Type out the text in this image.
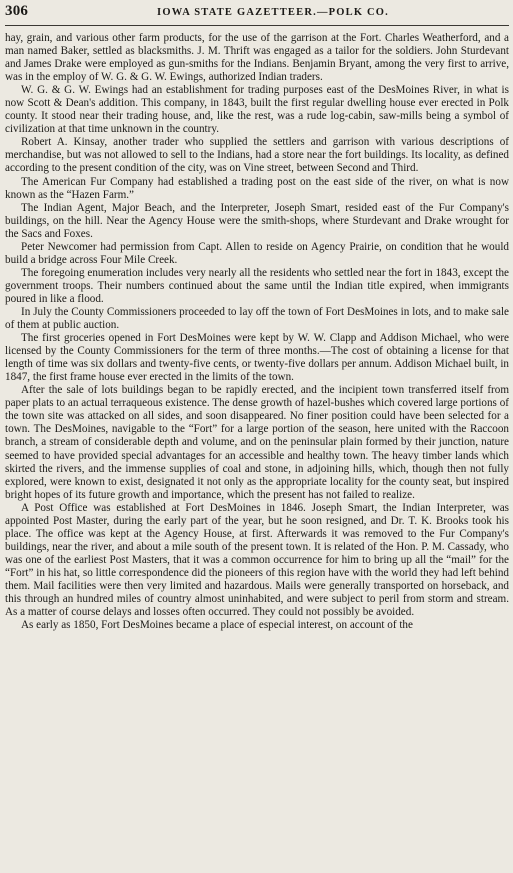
306	IOWA STATE GAZETTEER.—POLK CO.

hay, grain, and various other farm products, for the use of the garrison at the Fort. Charles Weatherford, and a man named Baker, settled as blacksmiths. J. M. Thrift was engaged as a tailor for the soldiers. John Sturdevant and James Drake were employed as gun-smiths for the Indians. Benjamin Bryant, among the very first to arrive, was in the employ of W. G. & G. W. Ewings, authorized Indian traders.

W. G. & G. W. Ewings had an establishment for trading purposes east of the DesMoines River, in what is now Scott & Dean's addition. This company, in 1843, built the first regular dwelling house ever erected in Polk county. It stood near their trading house, and, like the rest, was a rude log-cabin, saw-mills being a symbol of civilization at that time unknown in the country.

Robert A. Kinsay, another trader who supplied the settlers and garrison with various descriptions of merchandise, but was not allowed to sell to the Indians, had a store near the fort buildings. Its locality, as defined according to the present condition of the city, was on Vine street, between Second and Third.

The American Fur Company had established a trading post on the east side of the river, on what is now known as the “Hazen Farm.”

The Indian Agent, Major Beach, and the Interpreter, Joseph Smart, resided east of the Fur Company's buildings, on the hill. Near the Agency House were the smith-shops, where Sturdevant and Drake wrought for the Sacs and Foxes.

Peter Newcomer had permission from Capt. Allen to reside on Agency Prairie, on condition that he would build a bridge across Four Mile Creek.

The foregoing enumeration includes very nearly all the residents who settled near the fort in 1843, except the government troops. Their numbers continued about the same until the Indian title expired, when immigrants poured in like a flood.

In July the County Commissioners proceeded to lay off the town of Fort DesMoines in lots, and to make sale of them at public auction.

The first groceries opened in Fort DesMoines were kept by W. W. Clapp and Addison Michael, who were licensed by the County Commissioners for the term of three months.—The cost of obtaining a license for that length of time was six dollars and twenty-five cents, or twenty-five dollars per annum. Addison Michael built, in 1847, the first frame house ever erected in the limits of the town.

After the sale of lots buildings began to be rapidly erected, and the incipient town transferred itself from paper plats to an actual terraqueous existence. The dense growth of hazel-bushes which covered large portions of the town site was attacked on all sides, and soon disappeared. No finer position could have been selected for a town. The DesMoines, navigable to the “Fort” for a large portion of the season, here united with the Raccoon branch, a stream of considerable depth and volume, and on the peninsular plain formed by their junction, nature seemed to have provided special advantages for an accessible and healthy town. The heavy timber lands which skirted the rivers, and the immense supplies of coal and stone, in adjoining hills, which, though then not fully explored, were known to exist, designated it not only as the appropriate locality for the county seat, but inspired bright hopes of its future growth and importance, which the present has not failed to realize.

A Post Office was established at Fort DesMoines in 1846. Joseph Smart, the Indian Interpreter, was appointed Post Master, during the early part of the year, but he soon resigned, and Dr. T. K. Brooks took his place. The office was kept at the Agency House, at first. Afterwards it was removed to the Fur Company's buildings, near the river, and about a mile south of the present town. It is related of the Hon. P. M. Cassady, who was one of the earliest Post Masters, that it was a common occurrence for him to bring up all the “mail” for the “Fort” in his hat, so little correspondence did the pioneers of this region have with the world they had left behind them. Mail facilities were then very limited and hazardous. Mails were generally transported on horseback, and this through an hundred miles of country almost uninhabited, and were subject to peril from storm and stream. As a matter of course delays and losses often occurred. They could not possibly be avoided.

As early as 1850, Fort DesMoines became a place of especial interest, on account of the
